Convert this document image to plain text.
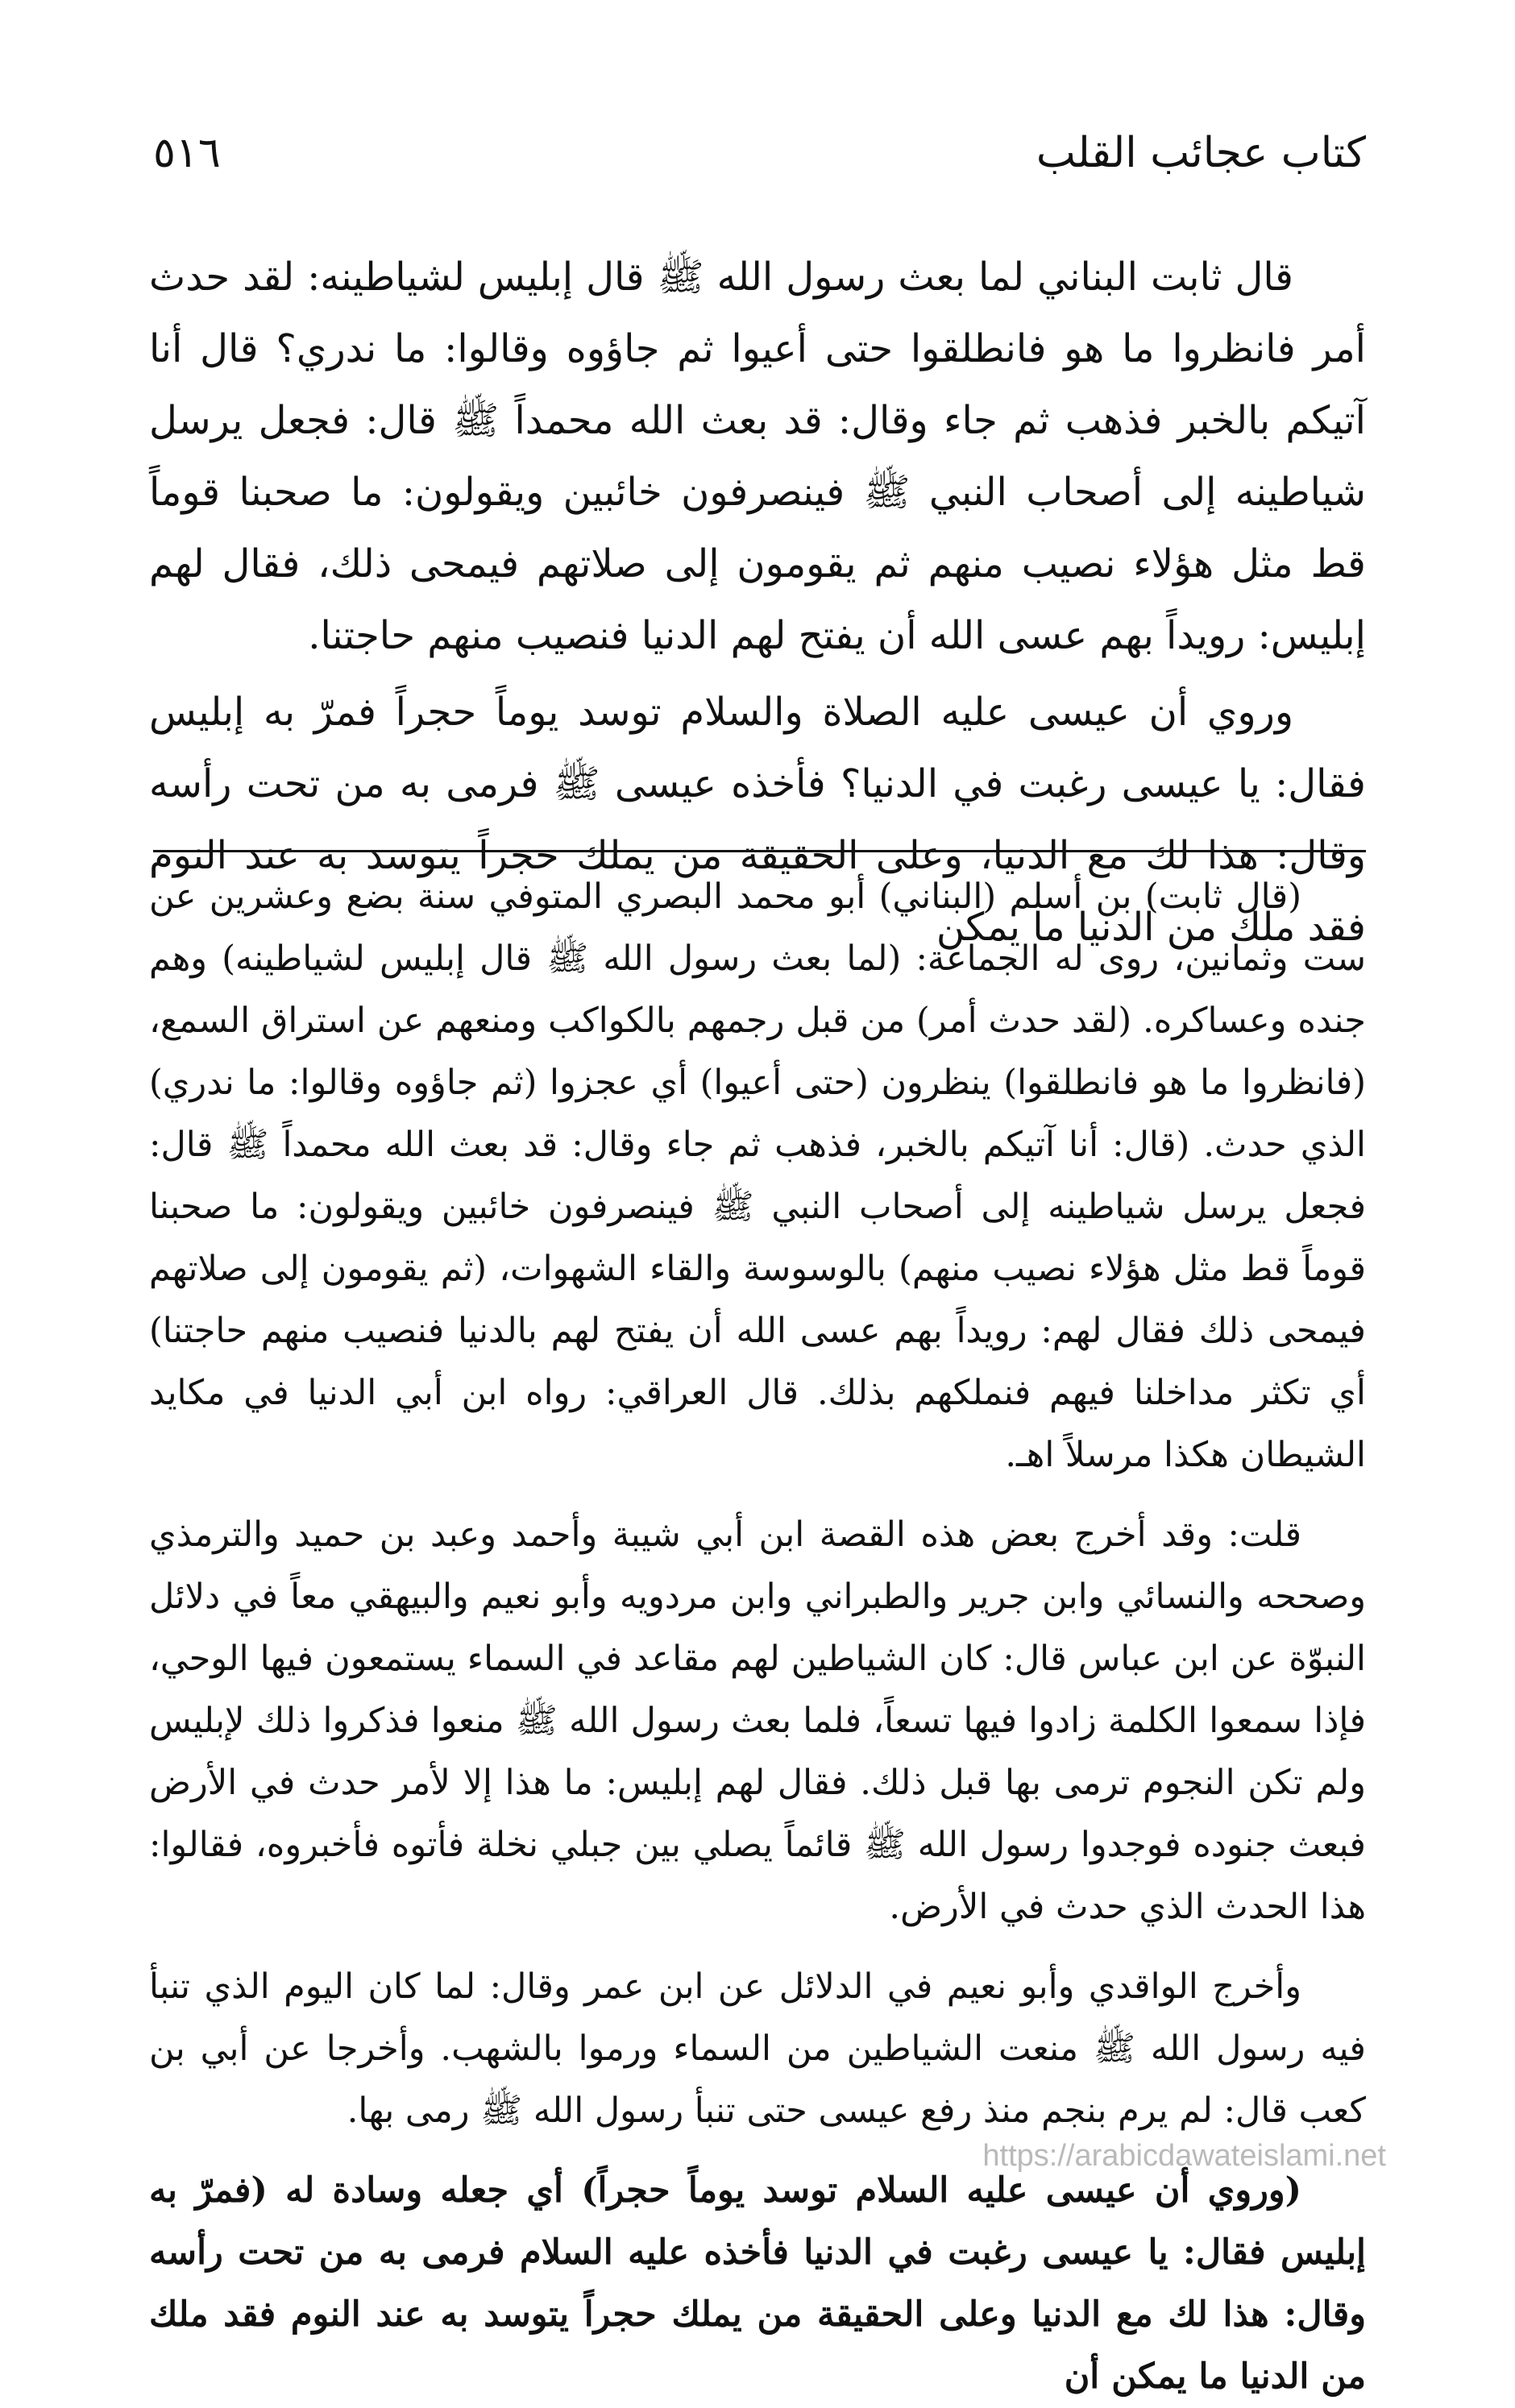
كتاب عجائب القلب
٥١٦

قال ثابت البناني لما بعث رسول الله ﷺ قال إبليس لشياطينه: لقد حدث أمر فانظروا ما هو فانطلقوا حتى أعيوا ثم جاؤوه وقالوا: ما ندري؟ قال أنا آتيكم بالخبر فذهب ثم جاء وقال: قد بعث الله محمداً ﷺ قال: فجعل يرسل شياطينه إلى أصحاب النبي ﷺ فينصرفون خائبين ويقولون: ما صحبنا قوماً قط مثل هؤلاء نصيب منهم ثم يقومون إلى صلاتهم فيمحى ذلك، فقال لهم إبليس: رويداً بهم عسى الله أن يفتح لهم الدنيا فنصيب منهم حاجتنا.

وروي أن عيسى عليه الصلاة والسلام توسد يوماً حجراً فمرّ به إبليس فقال: يا عيسى رغبت في الدنيا؟ فأخذه عيسى ﷺ فرمى به من تحت رأسه وقال: هذا لك مع الدنيا، وعلى الحقيقة من يملك حجراً يتوسد به عند النوم فقد ملك من الدنيا ما يمكن

(قال ثابت) بن أسلم (البناني) أبو محمد البصري المتوفي سنة بضع وعشرين عن ست وثمانين، روى له الجماعة: (لما بعث رسول الله ﷺ قال إبليس لشياطينه) وهم جنده وعساكره. (لقد حدث أمر) من قبل رجمهم بالكواكب ومنعهم عن استراق السمع، (فانظروا ما هو فانطلقوا) ينظرون (حتى أعيوا) أي عجزوا (ثم جاؤوه وقالوا: ما ندري) الذي حدث. (قال: أنا آتيكم بالخبر، فذهب ثم جاء وقال: قد بعث الله محمداً ﷺ قال: فجعل يرسل شياطينه إلى أصحاب النبي ﷺ فينصرفون خائبين ويقولون: ما صحبنا قوماً قط مثل هؤلاء نصيب منهم) بالوسوسة والقاء الشهوات، (ثم يقومون إلى صلاتهم فيمحى ذلك فقال لهم: رويداً بهم عسى الله أن يفتح لهم بالدنيا فنصيب منهم حاجتنا) أي تكثر مداخلنا فيهم فنملكهم بذلك. قال العراقي: رواه ابن أبي الدنيا في مكايد الشيطان هكذا مرسلاً اهـ.

قلت: وقد أخرج بعض هذه القصة ابن أبي شيبة وأحمد وعبد بن حميد والترمذي وصححه والنسائي وابن جرير والطبراني وابن مردويه وأبو نعيم والبيهقي معاً في دلائل النبوّة عن ابن عباس قال: كان الشياطين لهم مقاعد في السماء يستمعون فيها الوحي، فإذا سمعوا الكلمة زادوا فيها تسعاً، فلما بعث رسول الله ﷺ منعوا فذكروا ذلك لإبليس ولم تكن النجوم ترمى بها قبل ذلك. فقال لهم إبليس: ما هذا إلا لأمر حدث في الأرض فبعث جنوده فوجدوا رسول الله ﷺ قائماً يصلي بين جبلي نخلة فأتوه فأخبروه، فقالوا: هذا الحدث الذي حدث في الأرض.

وأخرج الواقدي وأبو نعيم في الدلائل عن ابن عمر وقال: لما كان اليوم الذي تنبأ فيه رسول الله ﷺ منعت الشياطين من السماء ورموا بالشهب. وأخرجا عن أبي بن كعب قال: لم يرم بنجم منذ رفع عيسى حتى تنبأ رسول الله ﷺ رمى بها.

(وروي أن عيسى عليه السلام توسد يوماً حجراً) أي جعله وسادة له (فمرّ به إبليس فقال: يا عيسى رغبت في الدنيا فأخذه عليه السلام فرمى به من تحت رأسه وقال: هذا لك مع الدنيا وعلى الحقيقة من يملك حجراً يتوسد به عند النوم فقد ملك من الدنيا ما يمكن أن

https://arabicdawateislami.net
